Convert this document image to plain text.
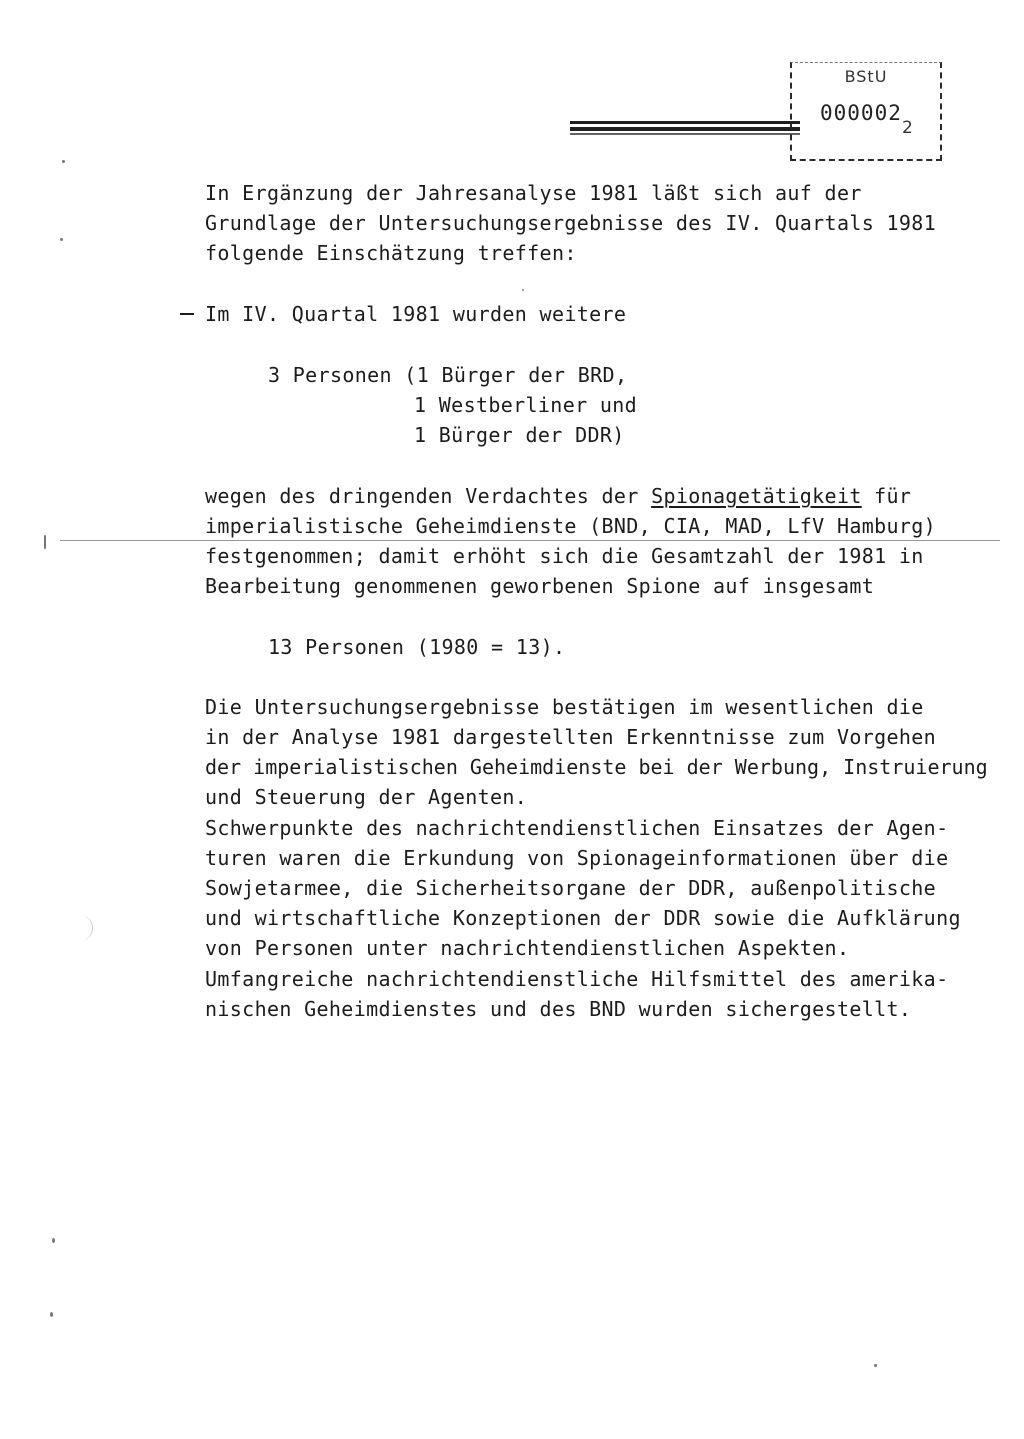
BStU
000002
2
In Ergänzung der Jahresanalyse 1981 läßt sich auf der
Grundlage der Untersuchungsergebnisse des IV. Quartals 1981
folgende Einschätzung treffen:
Im IV. Quartal 1981 wurden weitere
3 Personen (1 Bürger der BRD,
1 Westberliner und
1 Bürger der DDR)
wegen des dringenden Verdachtes der Spionagetätigkeit für
imperialistische Geheimdienste (BND, CIA, MAD, LfV Hamburg)
festgenommen; damit erhöht sich die Gesamtzahl der 1981 in
Bearbeitung genommenen geworbenen Spione auf insgesamt
13 Personen (1980 = 13).
Die Untersuchungsergebnisse bestätigen im wesentlichen die
in der Analyse 1981 dargestellten Erkenntnisse zum Vorgehen
der imperialistischen Geheimdienste bei der Werbung, Instruierung
und Steuerung der Agenten.
Schwerpunkte des nachrichtendienstlichen Einsatzes der Agen-
turen waren die Erkundung von Spionageinformationen über die
Sowjetarmee, die Sicherheitsorgane der DDR, außenpolitische
und wirtschaftliche Konzeptionen der DDR sowie die Aufklärung
von Personen unter nachrichtendienstlichen Aspekten.
Umfangreiche nachrichtendienstliche Hilfsmittel des amerika-
nischen Geheimdienstes und des BND wurden sichergestellt.
